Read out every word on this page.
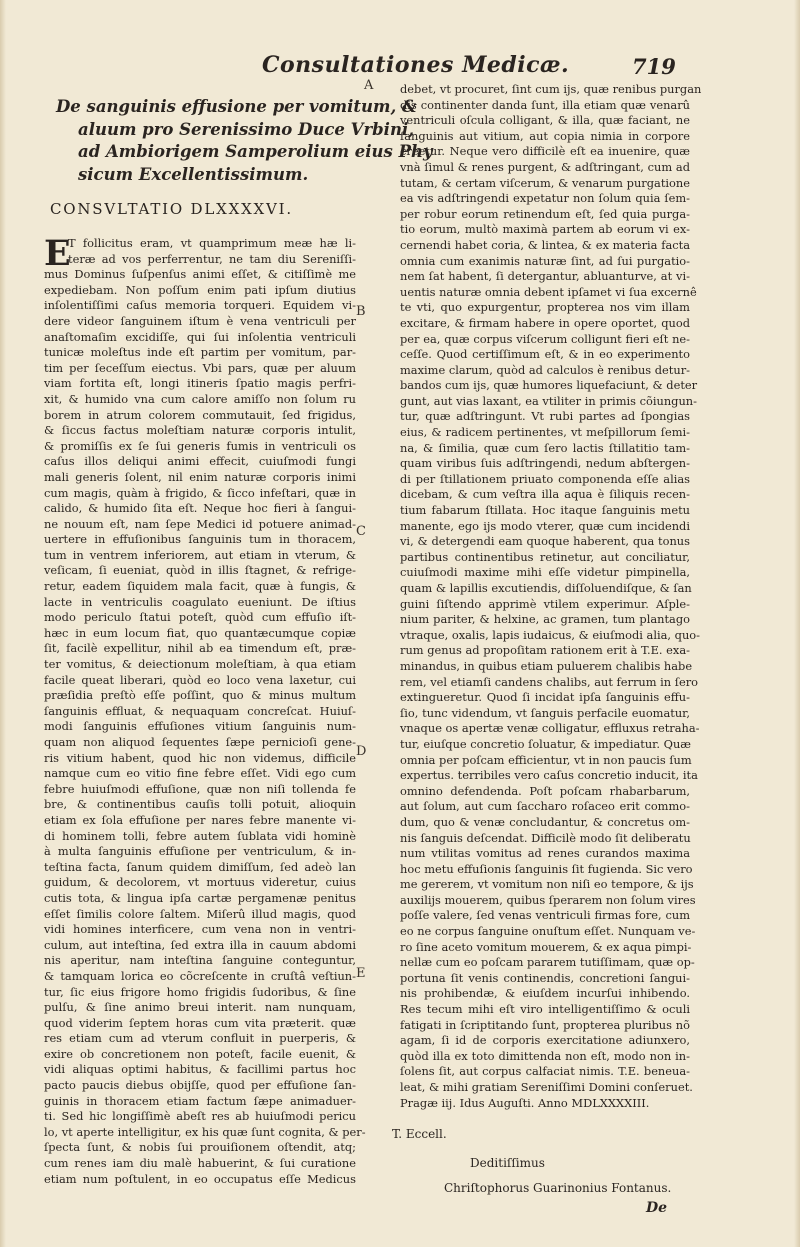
Consultationes Medicæ.	719
De sanguinis effusione per vomitum, &
aluum pro Serenissimo Duce Vrbini,
ad Ambiorigem Samperolium eius Phy
sicum Excellentissimum.
CONSVLTATIO DLXXXXVI.
E
T follicitus eram, vt quamprimum meæ hæ li-
teræ ad vos perferrentur, ne tam diu Sereniſſi-
mus Dominus ſuſpenſus animi eſſet, & citiſſimè me
expediebam. Non poſſum enim pati ipſum diutius
inſolentiſſimi caſus memoria torqueri. Equidem vi-
dere videor ſanguinem iſtum è vena ventriculi per
anaſtomaſim excidiſſe, qui ſui inſolentia ventriculi
tunicæ moleſtus inde eſt partim per vomitum, par-
tim per ſeceſſum eiectus. Vbi pars, quæ per aluum
viam fortita eſt, longi itineris ſpatio magis perfri-
xit, & humido vna cum calore amiſſo non ſolum ru
borem in atrum colorem commutauit, ſed frigidus,
& ſiccus factus moleſtiam naturæ corporis intulit,
& promiſſis ex ſe ſui generis fumis in ventriculi os
caſus illos deliqui animi effecit, cuiuſmodi fungi
mali generis ſolent, nil enim naturæ corporis inimi
cum magis, quàm à frigido, & ſicco infeſtari, quæ in
calido, & humido ſita eſt. Neque hoc fieri à ſangui-
ne nouum eſt, nam ſepe Medici id potuere animad-
uertere in effuſionibus ſanguinis tum in thoracem,
tum in ventrem inferiorem, aut etiam in vterum, &
veſicam, ſi eueniat, quòd in illis ſtagnet, & refrige-
retur, eadem ſiquidem mala facit, quæ à fungis, &
lacte in ventriculis coagulato eueniunt. De iſtius
modo periculo ſtatui poteſt, quòd cum effuſio iſt-
hæc in eum locum fiat, quo quantæcumque copiæ
ſit, facilè expellitur, nihil ab ea timendum eſt, præ-
ter vomitus, & deiectionum moleſtiam, à qua etiam
facile queat liberari, quòd eo loco vena laxetur, cui
præſidia preſtò eſſe poſſint, quo & minus multum
ſanguinis effluat, & nequaquam concreſcat. Huiuſ-
modi ſanguinis effuſiones vitium ſanguinis num-
quam non aliquod ſequentes ſæpe pernicioſi gene-
ris vitium habent, quod hic non videmus, difficile
namque cum eo vitio fine febre eſſet. Vidi ego cum
febre huiuſmodi effuſione, quæ non niſi tollenda fe
bre, & continentibus cauſis tolli potuit, alioquin
etiam ex ſola effuſione per nares febre manente vi-
di hominem tolli, febre autem ſublata vidi hominè
à multa ſanguinis effuſione per ventriculum, & in-
teſtina facta, ſanum quidem dimiſſum, ſed adeò lan
guidum, & decolorem, vt mortuus videretur, cuius
cutis tota, & lingua ipſa cartæ pergamenæ penitus
eſſet ſimilis colore ſaltem. Miſerû illud magis, quod
vidi homines interficere, cum vena non in ventri-
culum, aut inteſtina, ſed extra illa in cauum abdomi
nis aperitur, nam inteſtina ſanguine conteguntur,
& tamquam lorica eo cõcreſcente in cruſtâ veſtiun-
tur, ſic eius frigore homo frigidis ſudoribus, & ſine
pulſu, & ſine animo breui interit. nam nunquam,
quod viderim ſeptem horas cum vita præterit. quæ
res etiam cum ad vterum confluit in puerperis, &
exire ob concretionem non poteſt, facile euenit, &
vidi aliquas optimi habitus, & facillimi partus hoc
pacto paucis diebus obijſſe, quod per effuſione ſan-
guinis in thoracem etiam factum ſæpe animaduer-
ti. Sed hic longiſſimè abeſt res ab huiuſmodi pericu
lo, vt aperte intelligitur, ex his quæ ſunt cognita, & per-
ſpecta ſunt, & nobis ſui prouiſionem oſtendit, atq;
cum renes iam diu malè habuerint, & ſui curatione
etiam num poſtulent, in eo occupatus eſſe Medicus
debet, vt procuret, ſint cum ijs, quæ renibus purgan
dis continenter danda ſunt, illa etiam quæ venarû
ventriculi oſcula colligant, & illa, quæ faciant, ne
ſanguinis aut vitium, aut copia nimia in corpore
creetur. Neque vero difficilè eſt ea inuenire, quæ
vnà ſimul & renes purgent, & adſtringant, cum ad
tutam, & certam viſcerum, & venarum purgatione
ea vis adſtringendi expetatur non ſolum quia ſem-
per robur eorum retinendum eſt, ſed quia purga-
tio eorum, multò maximà partem ab eorum vi ex-
cernendi habet coria, & lintea, & ex materia facta
omnia cum exanimis naturæ ſint, ad ſui purgatio-
nem ſat habent, ſi detergantur, abluanturve, at vi-
uentis naturæ omnia debent ipſamet vi ſua excernê
te vti, quo expurgentur, propterea nos vim illam
excitare, & firmam habere in opere oportet, quod
per ea, quæ corpus viſcerum colligunt fieri eſt ne-
ceſſe. Quod certiſſimum eſt, & in eo experimento
maxime clarum, quòd ad calculos è renibus detur-
bandos cum ijs, quæ humores liquefaciunt, & deter
gunt, aut vias laxant, ea vtiliter in primis cõiungun-
tur, quæ adſtringunt. Vt rubi partes ad ſpongias
eius, & radicem pertinentes, vt meſpillorum ſemi-
na, & ſimilia, quæ cum ſero lactis ſtillatitio tam-
quam viribus ſuis adſtringendi, nedum abſtergen-
di per ſtillationem priuato componenda eſſe alias
dicebam, & cum veſtra illa aqua è ſiliquis recen-
tium fabarum ſtillata. Hoc itaque ſanguinis metu
manente, ego ijs modo vterer, quæ cum incidendi
vi, & detergendi eam quoque haberent, qua tonus
partibus continentibus retinetur, aut conciliatur,
cuiuſmodi maxime mihi eſſe videtur pimpinella,
quam & lapillis excutiendis, diſſoluendiſque, & ſan
guini ſiſtendo apprimè vtilem experimur. Aſple-
nium pariter, & helxine, ac gramen, tum plantago
vtraque, oxalis, lapis iudaicus, & eiuſmodi alia, quo-
rum genus ad propoſitam rationem erit à T.E. exa-
minandus, in quibus etiam puluerem chalibis habe
rem, vel etiamſi candens chalibs, aut ferrum in ſero
extingueretur. Quod ſi incidat ipſa ſanguinis effu-
ſio, tunc videndum, vt ſanguis perfacile euomatur,
vnaque os apertæ venæ colligatur, effluxus retraha-
tur, eiuſque concretio ſoluatur, & impediatur. Quæ
omnia per poſcam efficientur, vt in non paucis ſum
expertus. terribiles vero caſus concretio inducit, ita
omnino defendenda. Poſt poſcam rhabarbarum,
aut ſolum, aut cum ſaccharo roſaceo erit commo-
dum, quo & venæ concludantur, & concretus om-
nis ſanguis deſcendat. Difficilè modo ſit deliberatu
num vtilitas vomitus ad renes curandos maxima
hoc metu effuſionis ſanguinis ſit fugienda. Sic vero
me gererem, vt vomitum non niſi eo tempore, & ijs
auxilijs mouerem, quibus ſperarem non ſolum vires
poſſe valere, ſed venas ventriculi firmas fore, cum
eo ne corpus ſanguine onuſtum eſſet. Nunquam ve-
ro ſine aceto vomitum mouerem, & ex aqua pimpi-
nellæ cum eo poſcam pararem tutiſſimam, quæ op-
portuna ſit venis continendis, concretioni ſangui-
nis prohibendæ, & eiuſdem incurſui inhibendo.
Res tecum mihi eſt viro intelligentiſſimo & oculi
fatigati in ſcriptitando ſunt, propterea pluribus nõ
agam, ſi id de corporis exercitatione adiunxero,
quòd illa ex toto dimittenda non eſt, modo non in-
ſolens ſit, aut corpus calfaciat nimis. T.E. beneua-
leat, & mihi gratiam Sereniſſimi Domini conſeruet.
Pragæ iij. Idus Auguſti. Anno MDLXXXXIII.
T. Eccell.
Deditiſſimus
Chriſtophorus Guarinonius Fontanus.
A
B
C
D
E
De
